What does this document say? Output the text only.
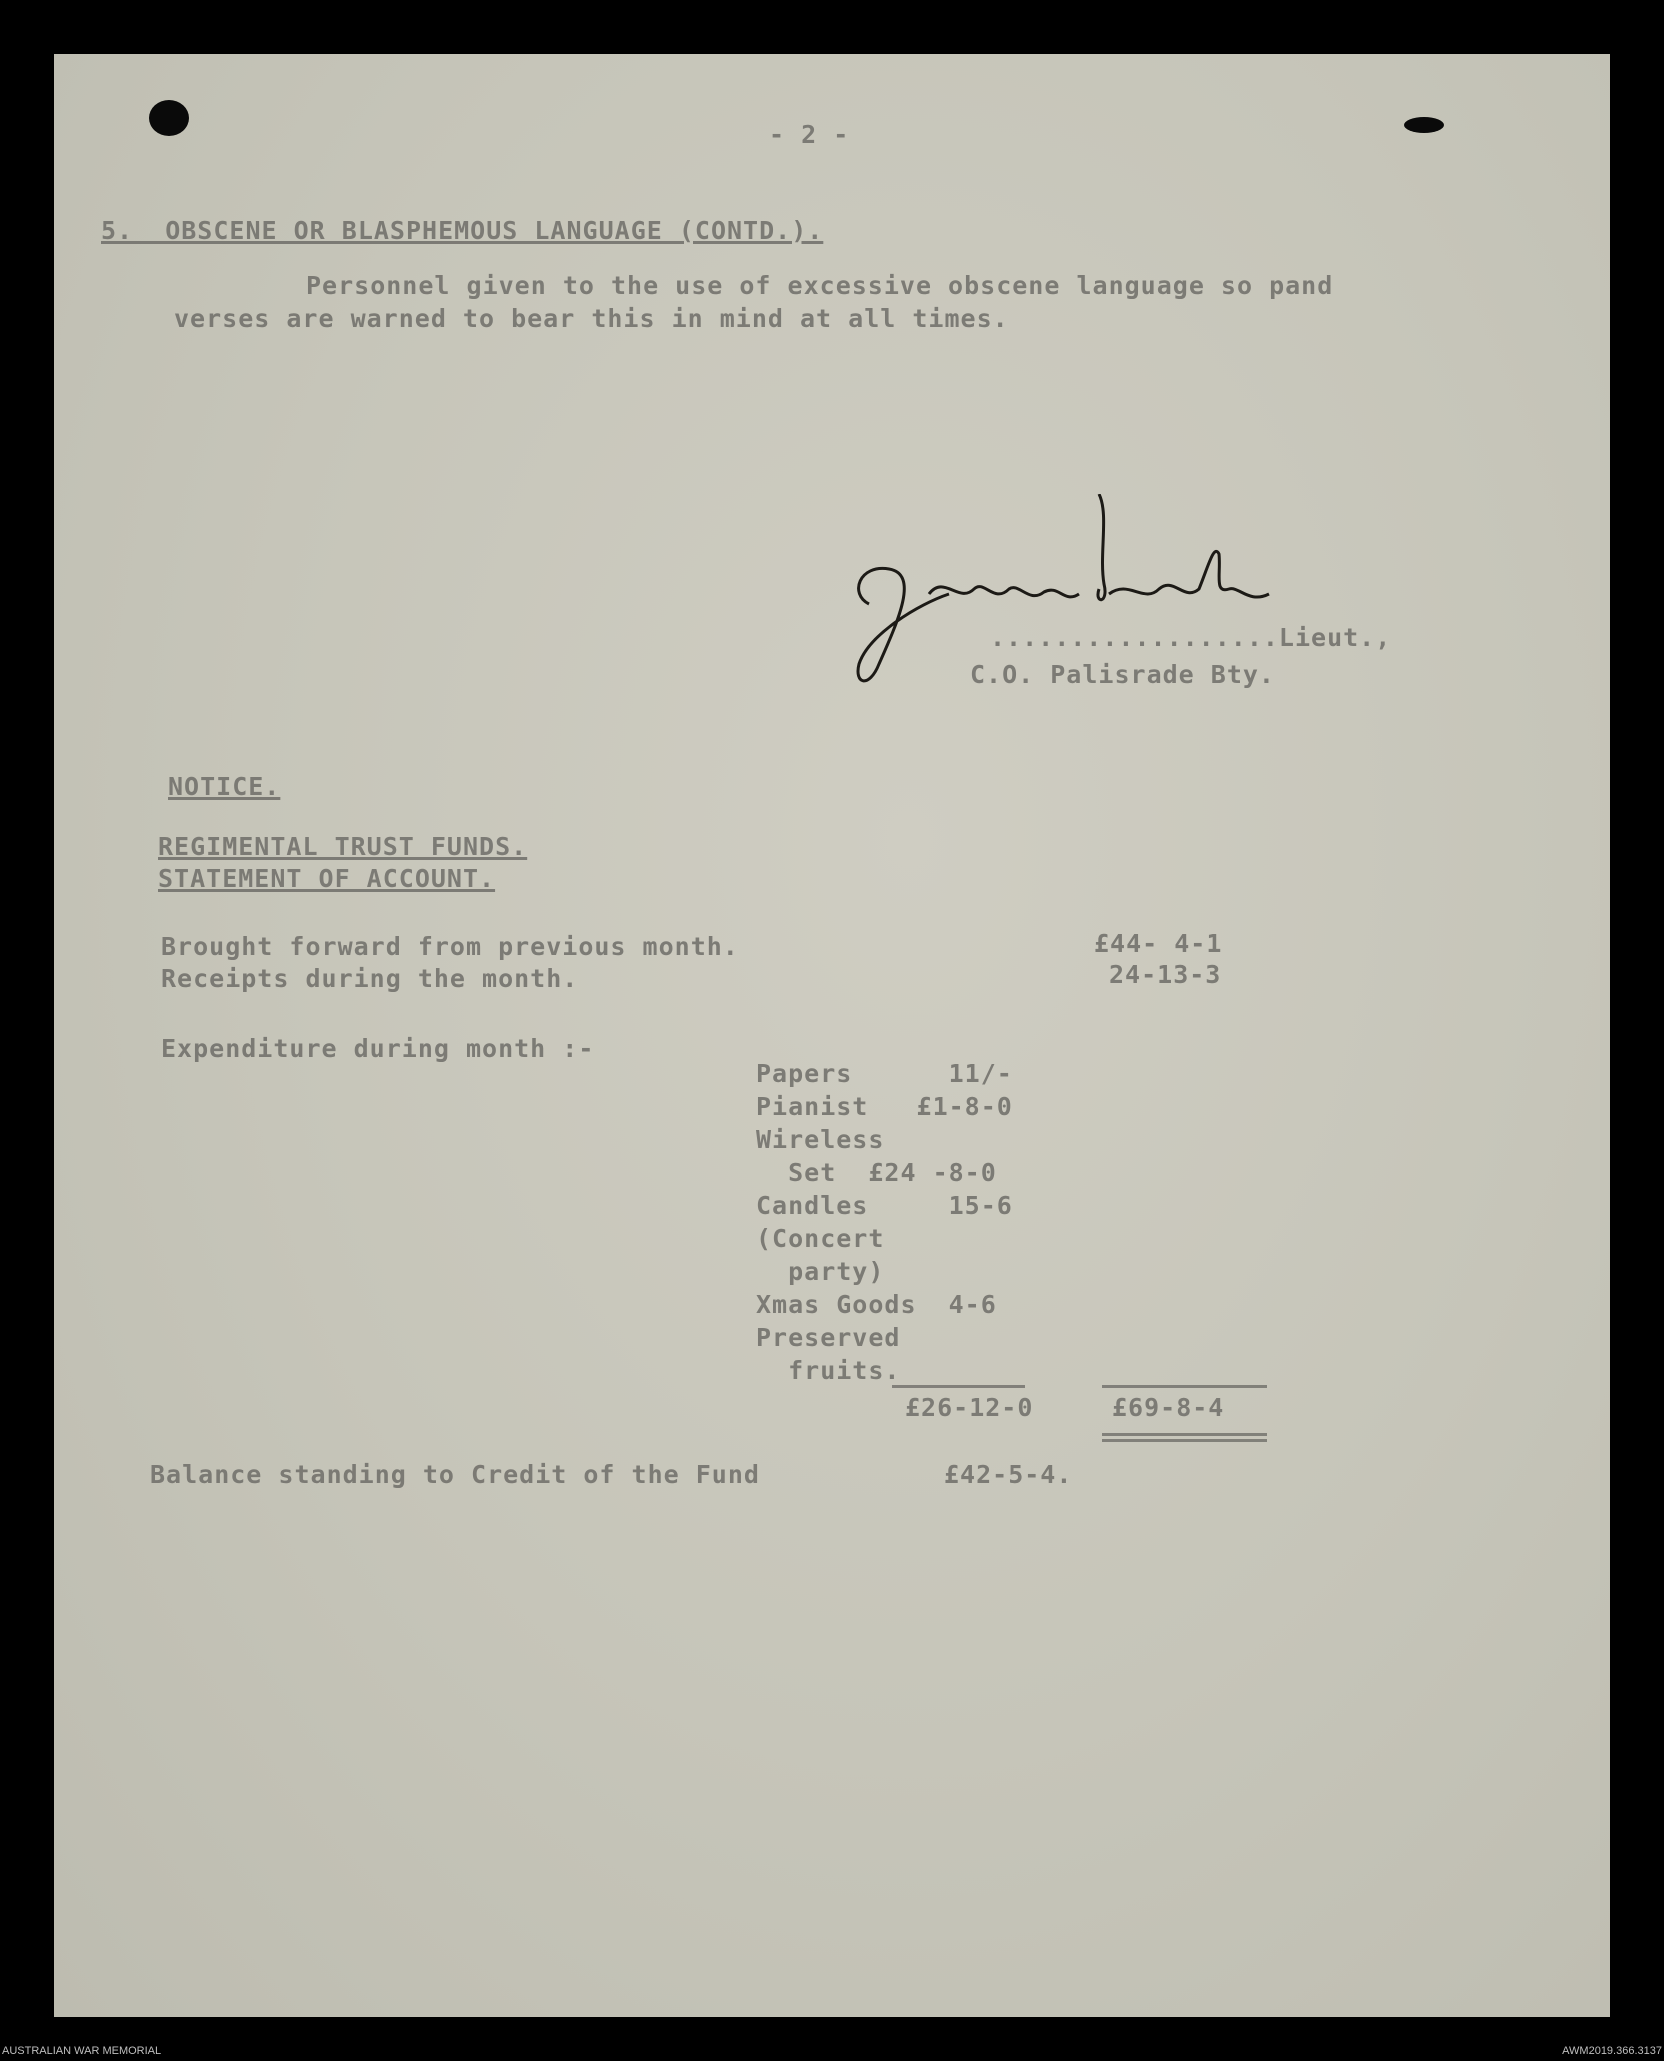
- 2 -
5.  OBSCENE OR BLASPHEMOUS LANGUAGE (CONTD.).
Personnel given to the use of excessive obscene language so pand
verses are warned to bear this in mind at all times.
..................Lieut.,
C.O. Palisrade Bty.
NOTICE.
REGIMENTAL TRUST FUNDS.
STATEMENT OF ACCOUNT.
Brought forward from previous month.	£44- 4-1
Receipts during the month.	24-13-3
Expenditure during month :-
Papers      11/-
Pianist   £1-8-0
Wireless
Set  £24 -8-0
Candles     15-6
(Concert
party)
Xmas Goods  4-6
Preserved
fruits.
£26-12-0	£69-8-4
Balance standing to Credit of the Fund	£42-5-4.
AUSTRALIAN WAR MEMORIAL	AWM2019.366.3137
